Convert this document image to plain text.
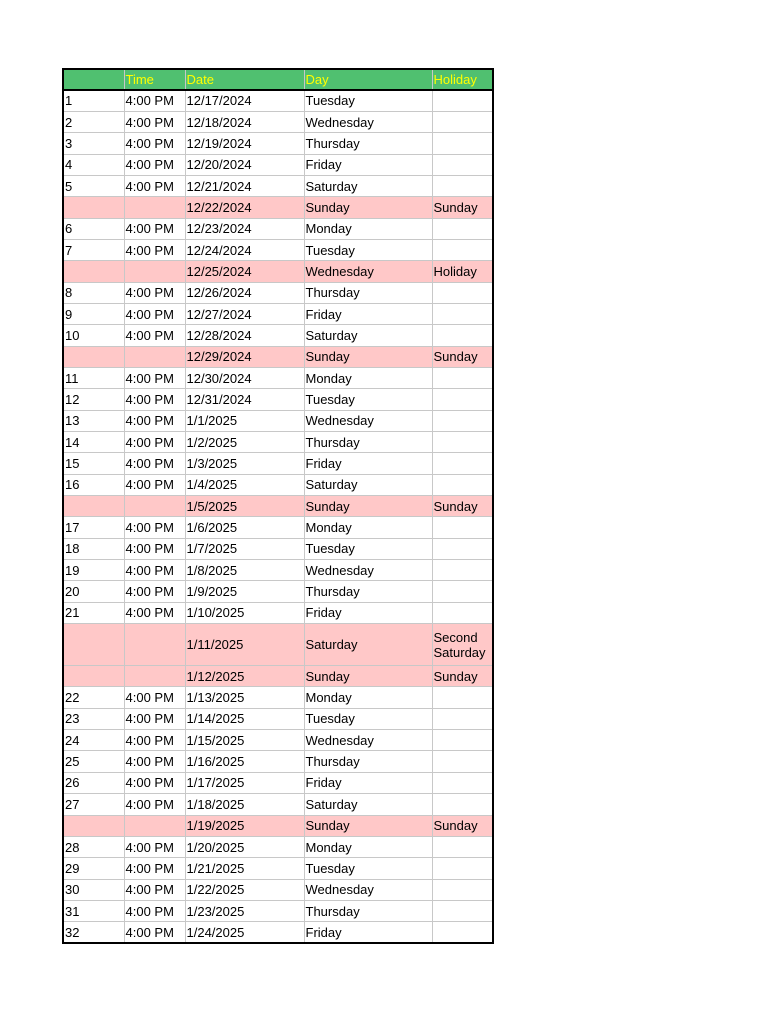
	Time	Date	Day	Holiday
1	4:00 PM	12/17/2024	Tuesday	
2	4:00 PM	12/18/2024	Wednesday	
3	4:00 PM	12/19/2024	Thursday	
4	4:00 PM	12/20/2024	Friday	
5	4:00 PM	12/21/2024	Saturday	
		12/22/2024	Sunday	Sunday
6	4:00 PM	12/23/2024	Monday	
7	4:00 PM	12/24/2024	Tuesday	
		12/25/2024	Wednesday	Holiday
8	4:00 PM	12/26/2024	Thursday	
9	4:00 PM	12/27/2024	Friday	
10	4:00 PM	12/28/2024	Saturday	
		12/29/2024	Sunday	Sunday
11	4:00 PM	12/30/2024	Monday	
12	4:00 PM	12/31/2024	Tuesday	
13	4:00 PM	1/1/2025	Wednesday	
14	4:00 PM	1/2/2025	Thursday	
15	4:00 PM	1/3/2025	Friday	
16	4:00 PM	1/4/2025	Saturday	
		1/5/2025	Sunday	Sunday
17	4:00 PM	1/6/2025	Monday	
18	4:00 PM	1/7/2025	Tuesday	
19	4:00 PM	1/8/2025	Wednesday	
20	4:00 PM	1/9/2025	Thursday	
21	4:00 PM	1/10/2025	Friday	
		1/11/2025	Saturday	Second Saturday
		1/12/2025	Sunday	Sunday
22	4:00 PM	1/13/2025	Monday	
23	4:00 PM	1/14/2025	Tuesday	
24	4:00 PM	1/15/2025	Wednesday	
25	4:00 PM	1/16/2025	Thursday	
26	4:00 PM	1/17/2025	Friday	
27	4:00 PM	1/18/2025	Saturday	
		1/19/2025	Sunday	Sunday
28	4:00 PM	1/20/2025	Monday	
29	4:00 PM	1/21/2025	Tuesday	
30	4:00 PM	1/22/2025	Wednesday	
31	4:00 PM	1/23/2025	Thursday	
32	4:00 PM	1/24/2025	Friday	
